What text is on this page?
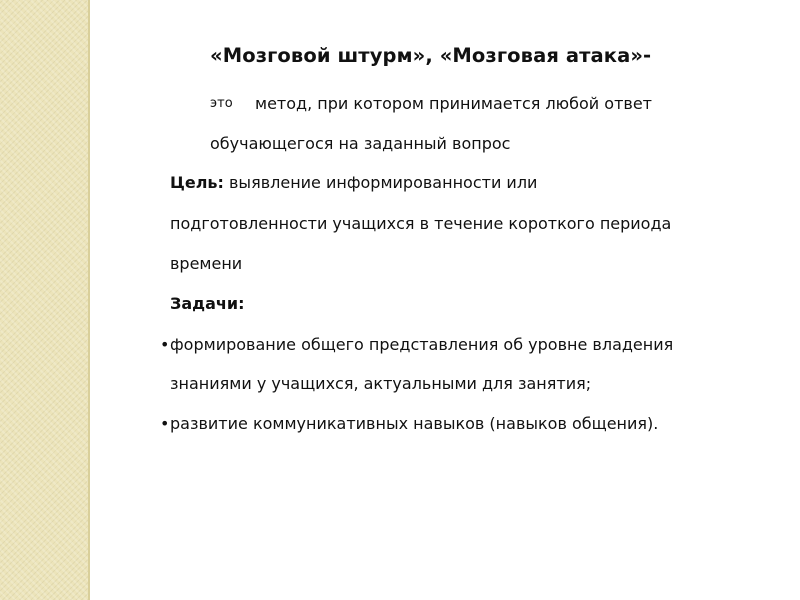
«Мозговой штурм», «Мозговая атака»-
это метод, при котором принимается любой ответ
обучающегося на заданный вопрос
Цель: выявление информированности или
подготовленности учащихся в течение короткого периода
времени
Задачи:
• формирование общего представления об уровне владения
знаниями у учащихся, актуальными для занятия;
• развитие коммуникативных навыков (навыков общения).
